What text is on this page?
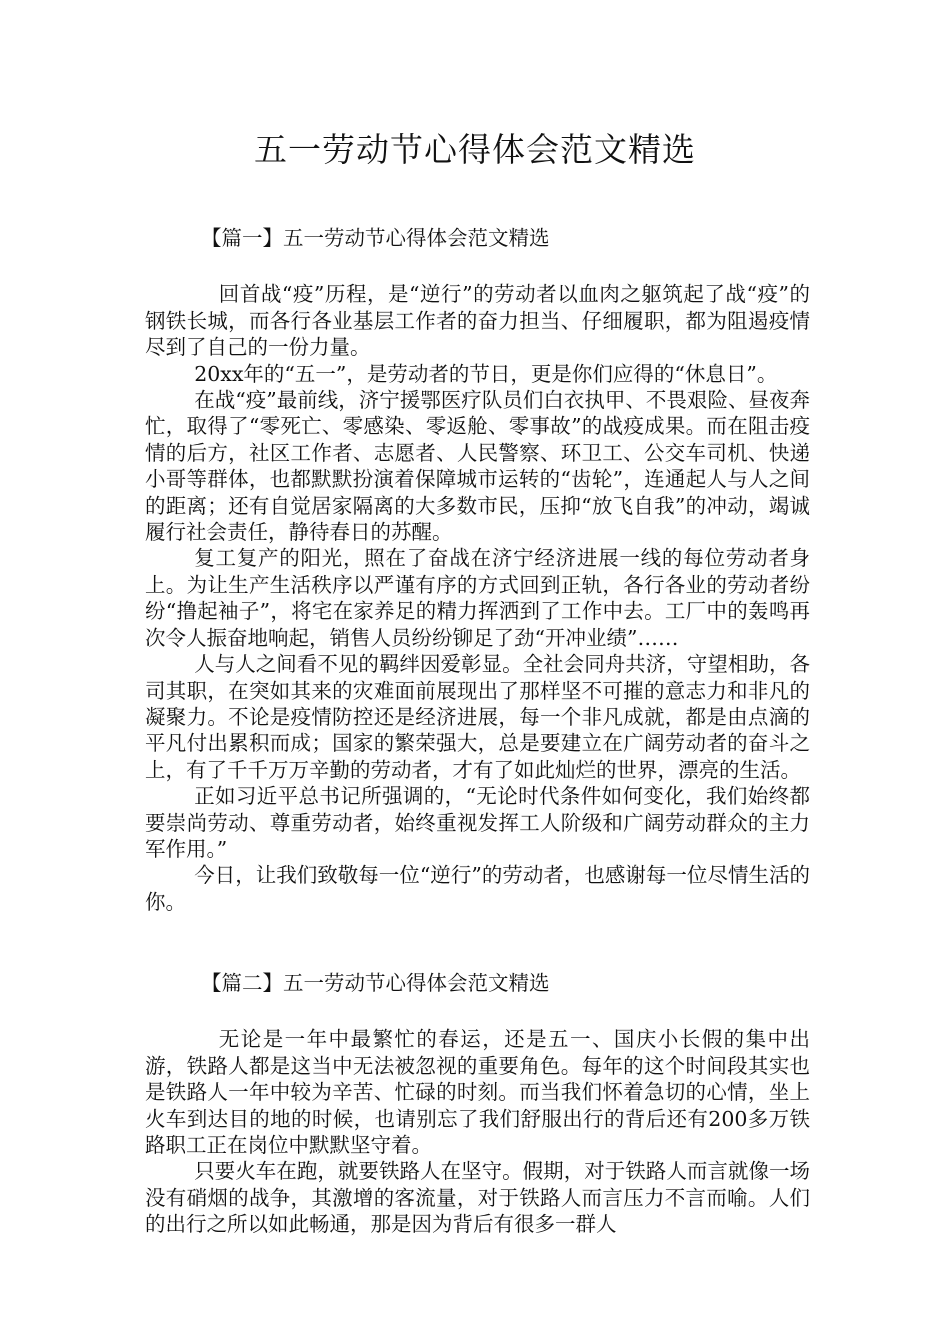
五一劳动节心得体会范文精选
【篇一】五一劳动节心得体会范文精选

回首战“疫”历程，是“逆行”的劳动者以血肉之躯筑起了战“疫”的钢铁长城，而各行各业基层工作者的奋力担当、仔细履职，都为阻遏疫情尽到了自己的一份力量。

20xx年的“五一”，是劳动者的节日，更是你们应得的“休息日”。

在战“疫”最前线，济宁援鄂医疗队员们白衣执甲、不畏艰险、昼夜奔忙，取得了“零死亡、零感染、零返舱、零事故”的战疫成果。而在阻击疫情的后方，社区工作者、志愿者、人民警察、环卫工、公交车司机、快递小哥等群体，也都默默扮演着保障城市运转的“齿轮”，连通起人与人之间的距离；还有自觉居家隔离的大多数市民，压抑“放飞自我”的冲动，竭诚履行社会责任，静待春日的苏醒。

复工复产的阳光，照在了奋战在济宁经济进展一线的每位劳动者身上。为让生产生活秩序以严谨有序的方式回到正轨，各行各业的劳动者纷纷“撸起袖子”，将宅在家养足的精力挥洒到了工作中去。工厂中的轰鸣再次令人振奋地响起，销售人员纷纷铆足了劲“开冲业绩”……

人与人之间看不见的羁绊因爱彰显。全社会同舟共济，守望相助，各司其职，在突如其来的灾难面前展现出了那样坚不可摧的意志力和非凡的凝聚力。不论是疫情防控还是经济进展，每一个非凡成就，都是由点滴的平凡付出累积而成；国家的繁荣强大，总是要建立在广阔劳动者的奋斗之上，有了千千万万辛勤的劳动者，才有了如此灿烂的世界，漂亮的生活。

正如习近平总书记所强调的，“无论时代条件如何变化，我们始终都要崇尚劳动、尊重劳动者，始终重视发挥工人阶级和广阔劳动群众的主力军作用。”

今日，让我们致敬每一位“逆行”的劳动者，也感谢每一位尽情生活的你。

【篇二】五一劳动节心得体会范文精选

无论是一年中最繁忙的春运，还是五一、国庆小长假的集中出游，铁路人都是这当中无法被忽视的重要角色。每年的这个时间段其实也是铁路人一年中较为辛苦、忙碌的时刻。而当我们怀着急切的心情，坐上火车到达目的地的时候，也请别忘了我们舒服出行的背后还有200多万铁路职工正在岗位中默默坚守着。

只要火车在跑，就要铁路人在坚守。假期，对于铁路人而言就像一场没有硝烟的战争，其激增的客流量，对于铁路人而言压力不言而喻。人们的出行之所以如此畅通，那是因为背后有很多一群人
